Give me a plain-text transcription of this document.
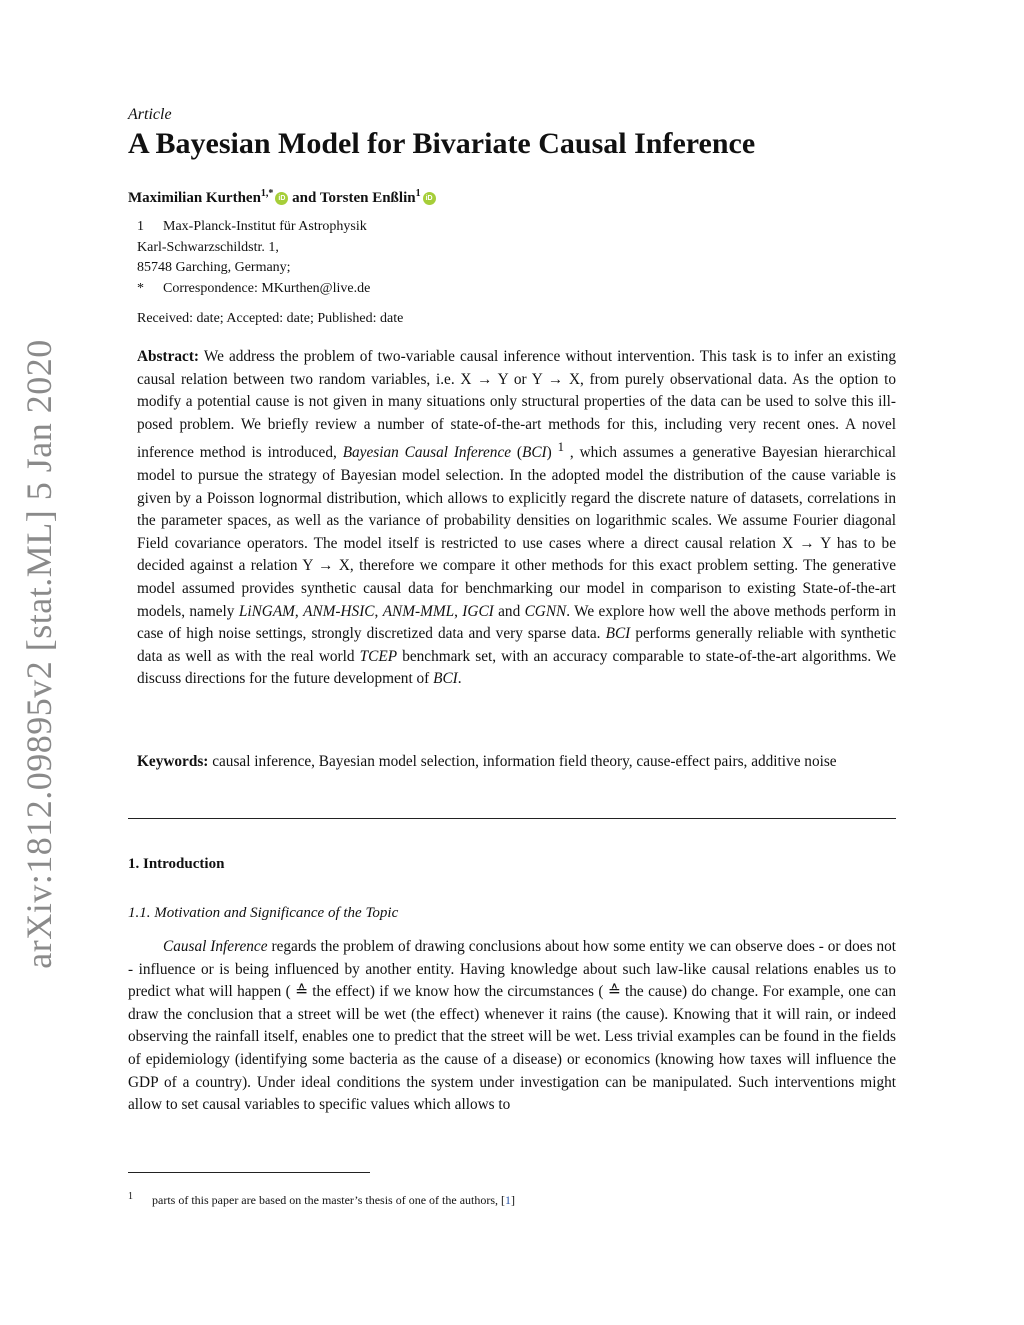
arXiv:1812.09895v2 [stat.ML] 5 Jan 2020
Article
A Bayesian Model for Bivariate Causal Inference
Maximilian Kurthen$^{1,*}$ iD and Torsten Enßlin$^1$ iD
1 Max-Planck-Institut für Astrophysik
Karl-Schwarzschildstr. 1,
85748 Garching, Germany;
* Correspondence: MKurthen@live.de
Received: date; Accepted: date; Published: date

Abstract: We address the problem of two-variable causal inference without intervention. This task is to infer an existing causal relation between two random variables, i.e. X → Y or Y → X, from purely observational data. As the option to modify a potential cause is not given in many situations only structural properties of the data can be used to solve this ill-posed problem. We briefly review a number of state-of-the-art methods for this, including very recent ones. A novel inference method is introduced, Bayesian Causal Inference (BCI) $^1$ , which assumes a generative Bayesian hierarchical model to pursue the strategy of Bayesian model selection. In the adopted model the distribution of the cause variable is given by a Poisson lognormal distribution, which allows to explicitly regard the discrete nature of datasets, correlations in the parameter spaces, as well as the variance of probability densities on logarithmic scales. We assume Fourier diagonal Field covariance operators. The model itself is restricted to use cases where a direct causal relation X → Y has to be decided against a relation Y → X, therefore we compare it other methods for this exact problem setting. The generative model assumed provides synthetic causal data for benchmarking our model in comparison to existing State-of-the-art models, namely LiNGAM, ANM-HSIC, ANM-MML, IGCI and CGNN. We explore how well the above methods perform in case of high noise settings, strongly discretized data and very sparse data. BCI performs generally reliable with synthetic data as well as with the real world TCEP benchmark set, with an accuracy comparable to state-of-the-art algorithms. We discuss directions for the future development of BCI.

Keywords: causal inference, Bayesian model selection, information field theory, cause-effect pairs, additive noise

1. Introduction
1.1. Motivation and Significance of the Topic

Causal Inference regards the problem of drawing conclusions about how some entity we can observe does - or does not - influence or is being influenced by another entity. Having knowledge about such law-like causal relations enables us to predict what will happen ( ≙ the effect) if we know how the circumstances ( ≙ the cause) do change. For example, one can draw the conclusion that a street will be wet (the effect) whenever it rains (the cause). Knowing that it will rain, or indeed observing the rainfall itself, enables one to predict that the street will be wet. Less trivial examples can be found in the fields of epidemiology (identifying some bacteria as the cause of a disease) or economics (knowing how taxes will influence the GDP of a country). Under ideal conditions the system under investigation can be manipulated. Such interventions might allow to set causal variables to specific values which allows to

$^1$ parts of this paper are based on the master’s thesis of one of the authors, [1]
